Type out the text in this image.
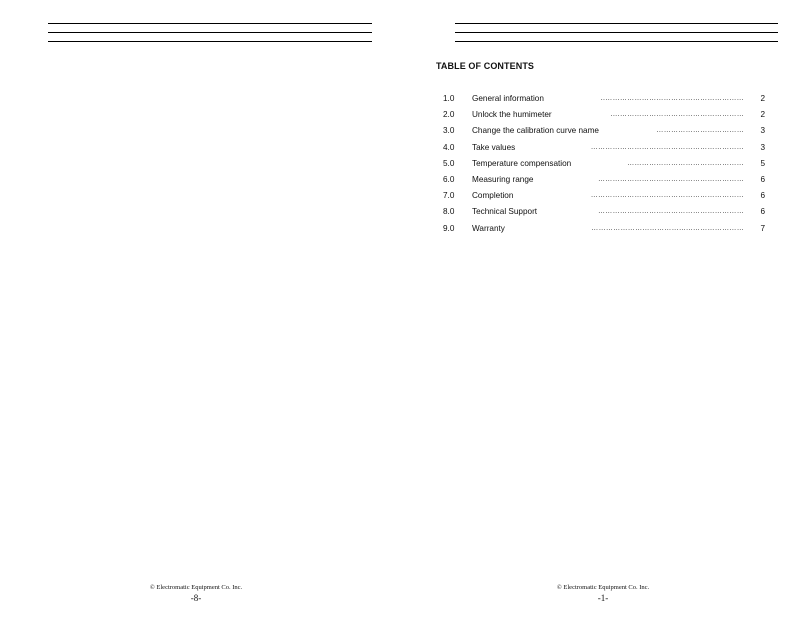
TABLE OF CONTENTS
1.0 General information	………………………………………………….. 2
2.0 Unlock the humimeter	………………………………………………. 2
3.0 Change the calibration curve name	……………………………… 3
4.0 Take values	……………………………………………………… 3
5.0 Temperature compensation	………………………………………… 5
6.0 Measuring range	…………………………………………………… 6
7.0 Completion	……………………………………………………… 6
8.0 Technical Support	…………………………………………………… 6
9.0 Warranty	…………………...………………………………… 7
© Electromatic Equipment Co. Inc.
-8-
© Electromatic Equipment Co. Inc.
-1-
